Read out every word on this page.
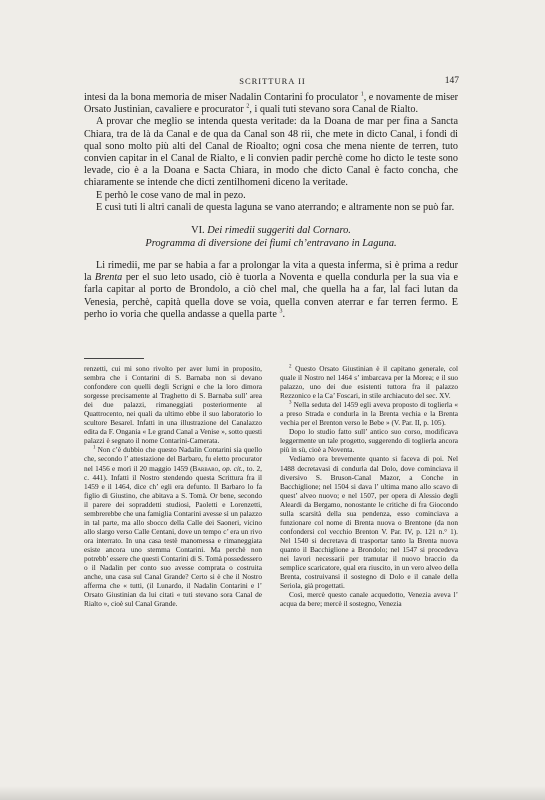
SCRITTURA II	147

intesi da la bona memoria de miser Nadalin Contarini fo proculator $^1$, e novamente de miser Orsato Justinian, cavaliere e procurator $^2$, i quali tuti stevano sora Canal de Rialto.

A provar che meglio se intenda questa veritade: da la Doana de mar per fina a Sancta Chiara, tra de là da Canal e de qua da Canal son 48 rii, che mete in dicto Canal, i fondi di qual sono molto più alti del Canal de Rioalto; ogni cosa che mena niente de terren, tuto convien capitar in el Canal de Rialto, e li convien padir perchè come ho dicto le teste sono levade, cio è a la Doana e Sacta Chiara, in modo che dicto Canal è facto concha, che chiaramente se intende che dicti zentilhomeni diceno la veritade.

E perhò le cose vano de mal in pezo.

E cusì tuti li altri canali de questa laguna se vano aterrando; e altramente non se può far.

VI. Dei rimedii suggeriti dal Cornaro.
Programma di diversione dei fiumi ch’entravano in Laguna.

Li rimedii, me par se habia a far a prolongar la vita a questa inferma, si è prima a redur la Brenta per el suo leto usado, ciò è tuorla a Noventa e quella condurla per la sua via e farla capitar al porto de Brondolo, a ciò chel mal, che quella ha a far, lal faci lutan da Venesia, perchè, capità quella dove se voia, quella conven aterrar e far terren fermo. E perho io voria che quella andasse a quella parte $^3$.

renzetti, cui mi sono rivolto per aver lumi in proposito, sembra che i Contarini di S. Barnaba non si devano confondere con quelli degli Scrigni e che la loro dimora sorgesse precisamente al Traghetto di S. Barnaba sull’ area dei due palazzi, rimaneggiati posteriormente al Quattrocento, nei quali da ultimo ebbe il suo laboratorio lo scultore Besarel. Infatti in una illustrazione del Canalazzo edita da F. Ongania « Le grand Canal a Venise », sotto questi palazzi è segnato il nome Contarini-Camerata.

$^1$ Non c’è dubbio che questo Nadalin Contarini sia quello che, secondo l’ attestazione del Barbaro, fu eletto procurator nel 1456 e morì il 20 maggio 1459 (Barbaro, op. cit., to. 2, c. 441). Infatti il Nostro stendendo questa Scrittura fra il 1459 e il 1464, dice ch’ egli era defunto. Il Barbaro lo fa figlio di Giustino, che abitava a S. Tomà. Or bene, secondo il parere dei sopraddetti studiosi, Paoletti e Lorenzetti, sembrerebbe che una famiglia Contarini avesse sì un palazzo in tal parte, ma allo sbocco della Calle dei Saoneri, vicino allo slargo verso Calle Centani, dove un tempo c’ era un rivo ora interrato. In una casa testè manomessa e rimaneggiata esiste ancora uno stemma Contarini. Ma perchè non potrebb’ essere che questi Contarini di S. Tomà possedessero o il Nadalin per conto suo avesse comprata o costruita anche, una casa sul Canal Grande? Certo si è che il Nostro afferma che « tutti, (il Lunardo, il Nadalin Contarini e l’ Orsato Giustinian da lui citati « tuti stevano sora Canal de Rialto », cioè sul Canal Grande.

$^2$ Questo Orsato Giustinian è il capitano generale, col quale il Nostro nel 1464 s’ imbarcava per la Morea; e il suo palazzo, uno dei due esistenti tuttora fra il palazzo Rezzonico e la Ca’ Foscari, in stile archiacuto del sec. XV.

$^3$ Nella seduta del 1459 egli aveva proposto di toglierla « a preso Strada e condurla in la Brenta vechia e la Brenta vechia per el Brenton verso le Bebe » (V. Par. II, p. 105).

Dopo lo studio fatto sull’ antico suo corso, modificava leggermente un tale progetto, suggerendo di toglierla ancora più in sù, cioè a Noventa.

Vediamo ora brevemente quanto si faceva di poi. Nel 1488 decretavasi di condurla dal Dolo, dove cominciava il diversivo S. Bruson-Canal Mazor, a Conche in Bacchiglione; nel 1504 si dava l’ ultima mano allo scavo di quest’ alveo nuovo; e nel 1507, per opera di Alessio degli Aleardi da Bergamo, nonostante le critiche di fra Giocondo sulla scarsità della sua pendenza, esso cominciava a funzionare col nome di Brenta nuova o Brentone (da non confondersi col vecchio Brenton V. Par. IV, p. 121 n.° 1). Nel 1540 si decretava di trasportar tanto la Brenta nuova quanto il Bacchiglione a Brondolo; nel 1547 si procedeva nei lavori necessarii per tramutar il nuovo braccio da semplice scaricatore, qual era riuscito, in un vero alveo della Brenta, costruivansi il sostegno di Dolo e il canale della Seriola, già progettati.

Così, mercè questo canale acquedotto, Venezia aveva l’ acqua da bere; mercè il sostegno, Venezia
